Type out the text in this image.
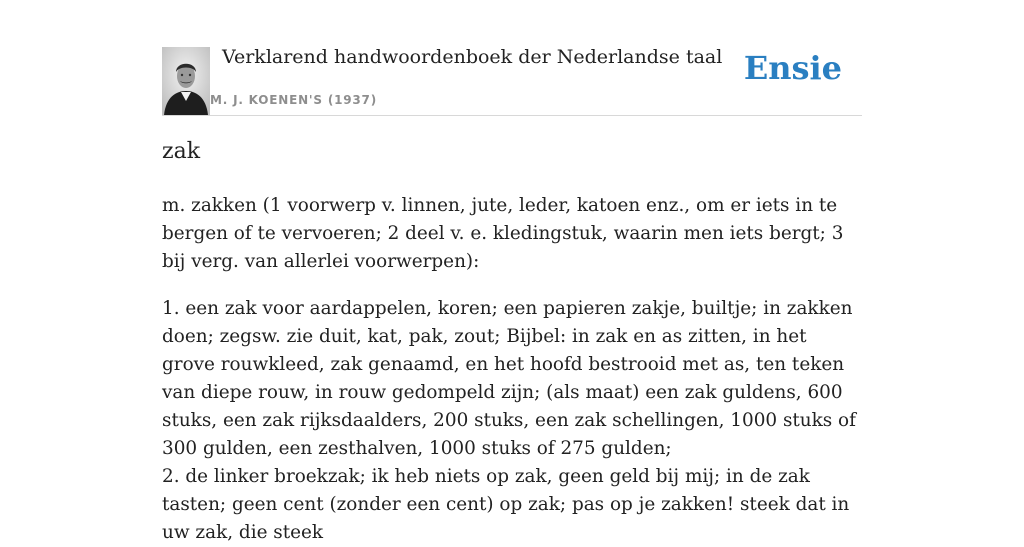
Verklarend handwoordenboek der Nederlandse taal
M. J. KOENEN'S (1937)
Ensie
zak

m. zakken (1 voorwerp v. linnen, jute, leder, katoen enz., om er iets in te bergen of te vervoeren; 2 deel v. e. kledingstuk, waarin men iets bergt; 3 bij verg. van allerlei voorwerpen):

1. een zak voor aardappelen, koren; een papieren zakje, builtje; in zakken doen; zegsw. zie duit, kat, pak, zout; Bijbel: in zak en as zitten, in het grove rouwkleed, zak genaamd, en het hoofd bestrooid met as, ten teken van diepe rouw, in rouw gedompeld zijn; (als maat) een zak guldens, 600 stuks, een zak rijksdaalders, 200 stuks, een zak schellingen, 1000 stuks of 300 gulden, een zesthalven, 1000 stuks of 275 gulden;

2. de linker broekzak; ik heb niets op zak, geen geld bij mij; in de zak tasten; geen cent (zonder een cent) op zak; pas op je zakken! steek dat in uw zak, die steek
